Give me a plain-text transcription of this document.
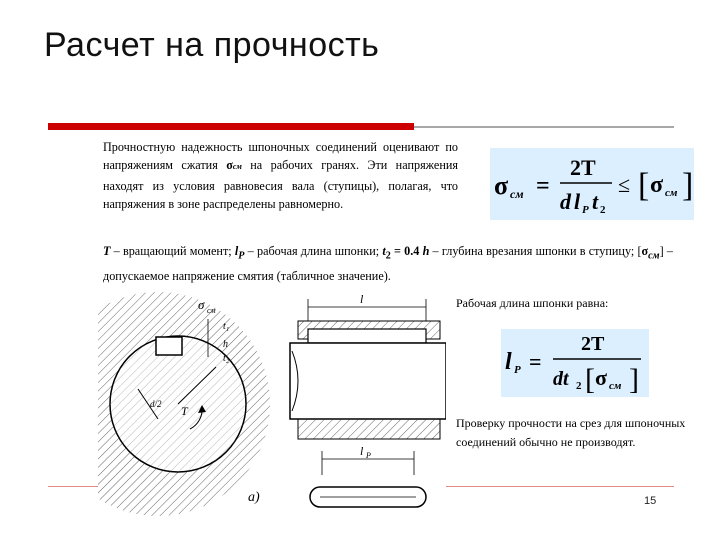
Расчет на прочность
Прочностную надежность шпоночных соединений оценивают по напряжениям сжатия σсм на рабочих гранях. Эти напряжения находят из условия равновесия вала (ступицы), полагая, что напряжения в зоне распределены равномерно.
σ см =
2T
d l P t 2
≤ [ σ см ]
T – вращающий момент; $l_P$ – рабочая длина шпонки; $t_2 = 0.4$ h – глубина врезания шпонки в ступицу; $[\sigma_{см}]$ – допускаемое напряжение смятия (табличное значение).
Рабочая длина шпонки равна:
l P =
2T
dt 2 [ σ см ]
Проверку прочности на срез для шпоночных соединений обычно не производят.
σ см
t₁
h
t₂
d/2 T
l
l P
а)	15
